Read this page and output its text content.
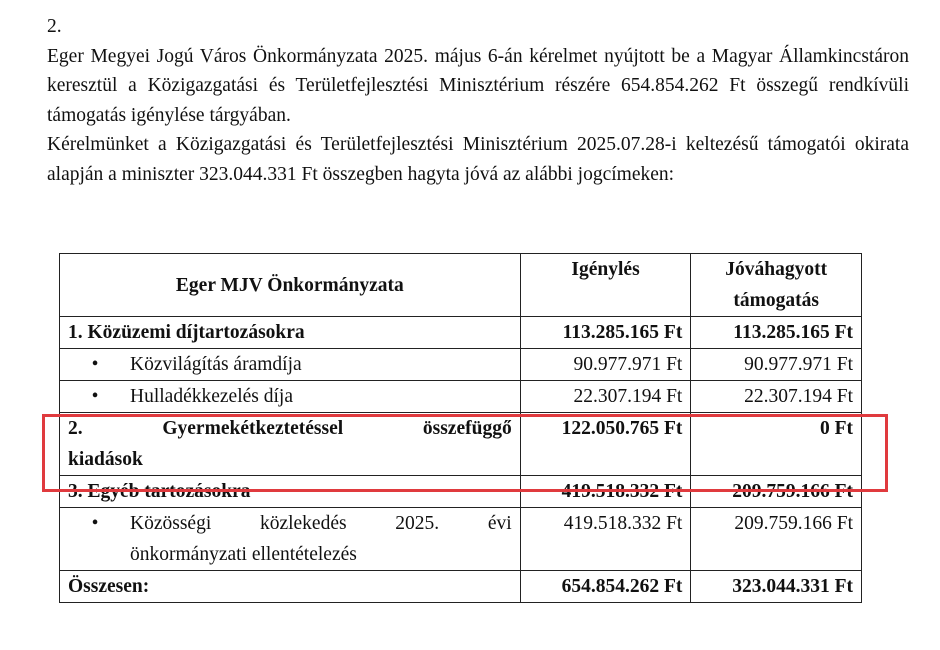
2.

Eger Megyei Jogú Város Önkormányzata 2025. május 6-án kérelmet nyújtott be a Magyar Államkincstáron keresztül a Közigazgatási és Területfejlesztési Minisztérium részére 654.854.262 Ft összegű rendkívüli támogatás igénylése tárgyában.

Kérelmünket a Közigazgatási és Területfejlesztési Minisztérium 2025.07.28-i keltezésű támogatói okirata alapján a miniszter 323.044.331 Ft összegben hagyta jóvá az alábbi jogcímeken:

Eger MJV Önkormányzata	Igénylés	Jóváhagyott támogatás
1. Közüzemi díjtartozásokra	113.285.165 Ft	113.285.165 Ft
• Közvilágítás áramdíja	90.977.971 Ft	90.977.971 Ft
• Hulladékkezelés díja	22.307.194 Ft	22.307.194 Ft

2. Gyermekétkeztetéssel összefüggő
kiadások	122.050.765 Ft	0 Ft
3. Egyéb tartozásokra	419.518.332 Ft	209.759.166 Ft

• Közösségi közlekedés 2025. évi
önkormányzati ellentételezés	419.518.332 Ft	209.759.166 Ft
Összesen:	654.854.262 Ft	323.044.331 Ft
